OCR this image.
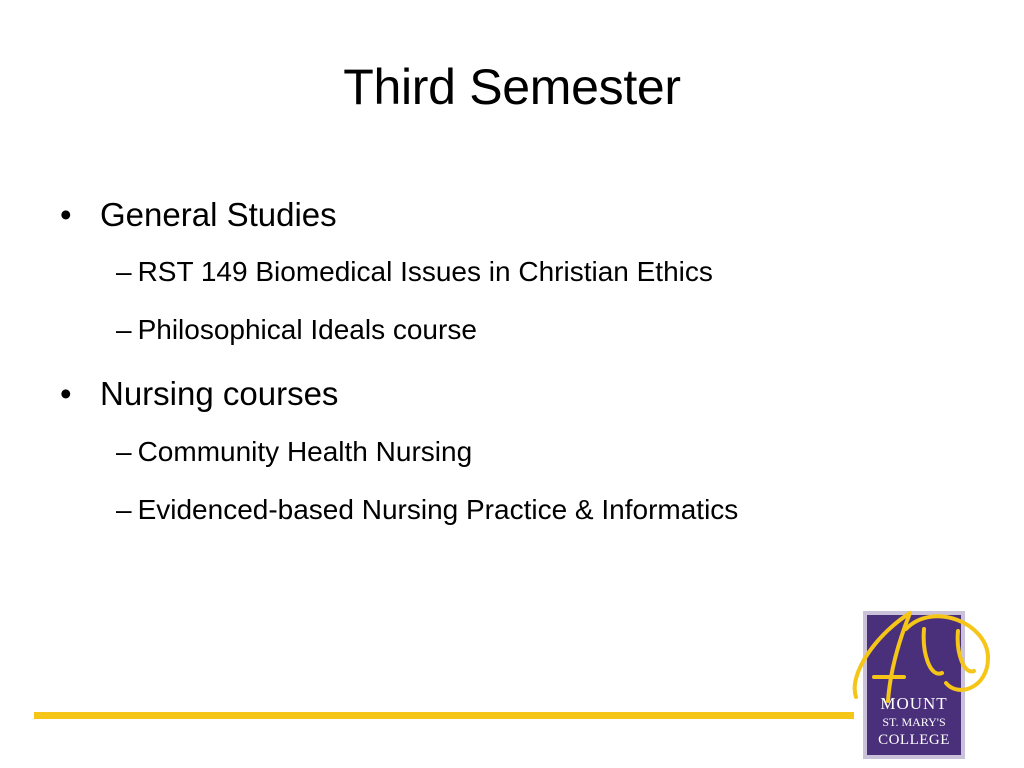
Third Semester
• General Studies
– RST 149 Biomedical Issues in Christian Ethics
– Philosophical Ideals course
• Nursing courses
– Community Health Nursing
– Evidenced-based Nursing Practice & Informatics
MOUNT
ST. MARY'S
COLLEGE
